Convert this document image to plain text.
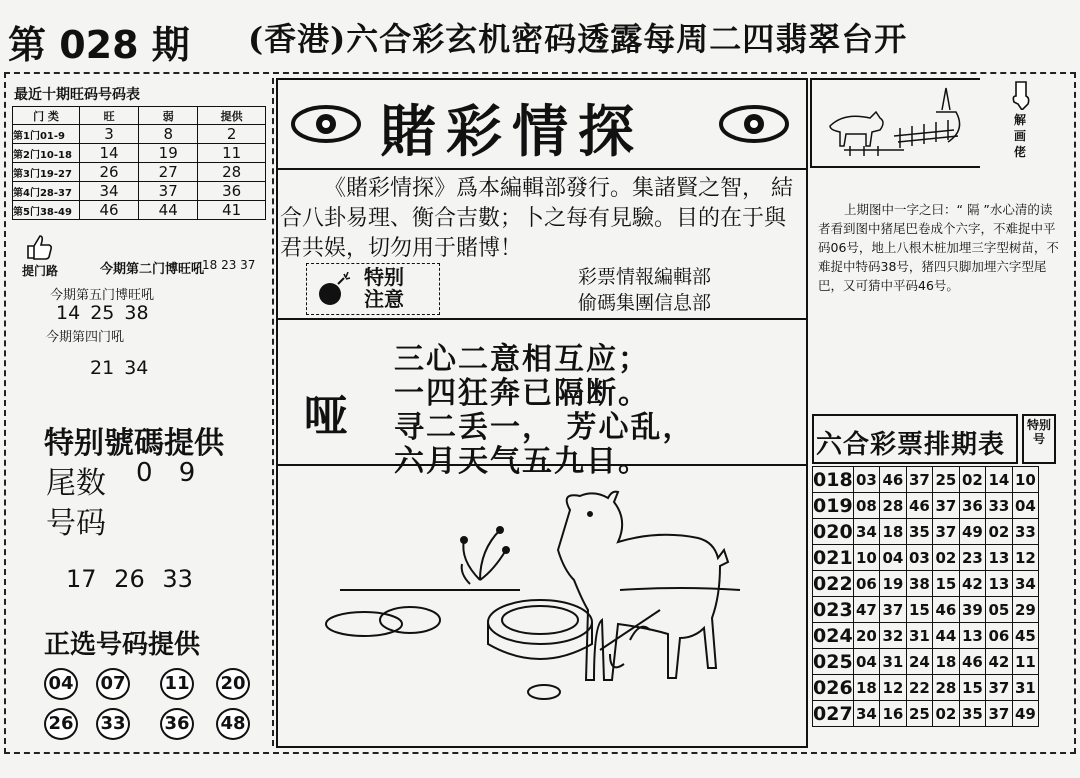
第 028 期 (香港)六合彩玄机密码透露每周二四翡翠台开
最近十期旺码号码表
门 类	旺	弱	提供
第1门01-9	3	8	2
第2门10-18	14	19	11
第3门19-27	26	27	28
第4门28-37	34	37	36
第5门38-49	46	44	41
提门路	今期第二门博旺吼
18 23 37
今期第五门博旺吼
14 25 38
今期第四门吼
21 34
特别號碼提供
尾数 0 9
号码
17 26 33
正选号码提供
04 07 11 20
26 33 36 48
賭彩情探
《賭彩情探》爲本編輯部發行。集諸賢之智， 結合八卦易理、衡合吉數；卜之每有見驗。目的在于與君共娱，切勿用于賭博！
特别注意
彩票情報編輯部
偷碼集團信息部
哑
三心二意相互应；
一四狂奔已隔断。
寻二丢一， 芳心乱，
六月天气五九日。
解画佬
上期图中一字之曰：“ 隔 ”水心清的读者看到图中猪尾巴卷成个六字，不难捉中平码06号，地上八根木桩加埋三字型树苗，不难捉中特码38号，猪四只脚加埋六字型尾巴，又可猜中平码46号。
六合彩票排期表
特别号
018	03	46	37	25	02	14	10
019	08	28	46	37	36	33	04
020	34	18	35	37	49	02	33
021	10	04	03	02	23	13	12
022	06	19	38	15	42	13	34
023	47	37	15	46	39	05	29
024	20	32	31	44	13	06	45
025	04	31	24	18	46	42	11
026	18	12	22	28	15	37	31
027	34	16	25	02	35	37	49
